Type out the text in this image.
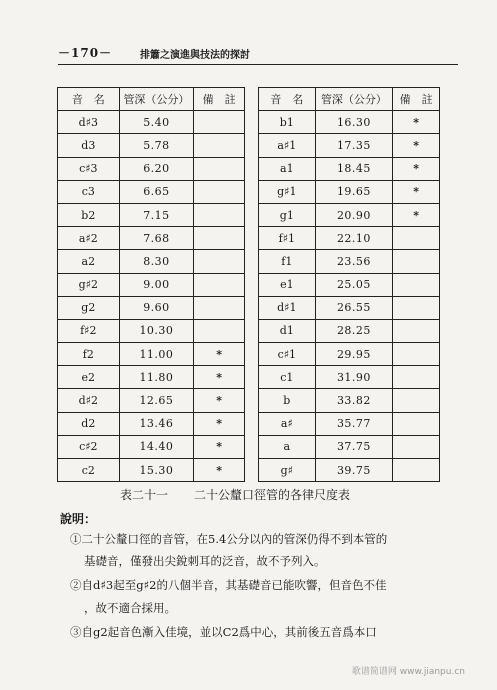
－170－	排簫之演進與技法的探討
音　名	管深（公分）	備　註
d♯3	5.40	
d3	5.78	
c♯3	6.20	
c3	6.65	
b2	7.15	
a♯2	7.68	
a2	8.30	
g♯2	9.00	
g2	9.60	
f♯2	10.30	
f2	11.00	*
e2	11.80	*
d♯2	12.65	*
d2	13.46	*
c♯2	14.40	*
c2	15.30	*
音　名	管深（公分）	備　註
b1	16.30	*
a♯1	17.35	*
a1	18.45	*
g♯1	19.65	*
g1	20.90	*
f♯1	22.10	
f1	23.56	
e1	25.05	
d♯1	26.55	
d1	28.25	
c♯1	29.95	
c1	31.90	
b	33.82	
a♯	35.77	
a	37.75	
g♯	39.75	
表二十一 二十公釐口徑管的各律尺度表
說明：
①二十公釐口徑的音管，在5.4公分以內的管深仍得不到本管的
基礎音，僅發出尖銳刺耳的泛音，故不予列入。
②自d♯3起至g♯2的八個半音，其基礎音已能吹響，但音色不佳
，故不適合採用。
③自g2起音色漸入佳境，並以C2爲中心，其前後五音爲本口
歌谱简谱网 www.jianpu.cn
